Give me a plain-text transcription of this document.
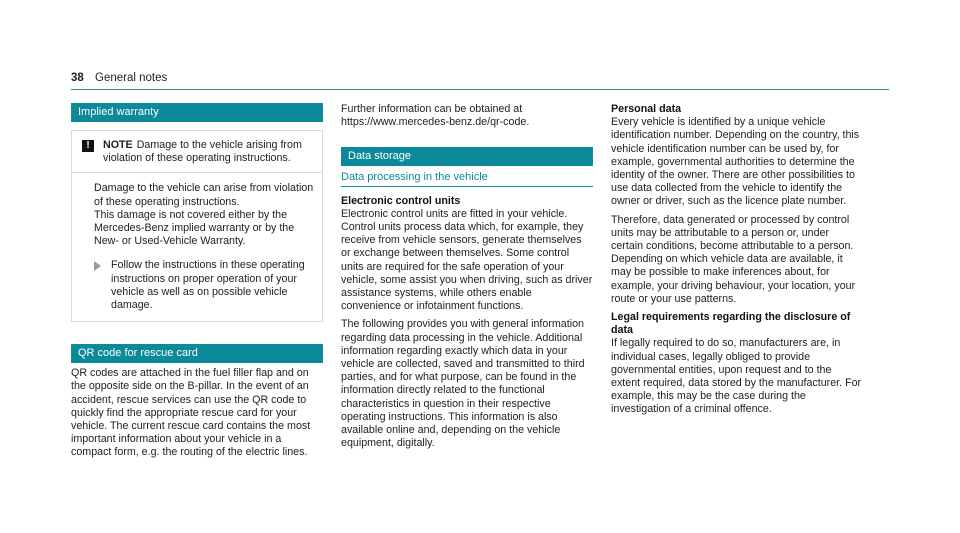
38 General notes
Implied warranty
!	NOTE Damage to the vehicle arising from violation of these operating instructions.

Damage to the vehicle can arise from violation of these operating instructions.

This damage is not covered either by the Mercedes-Benz implied warranty or by the New- or Used-Vehicle Warranty.

Follow the instructions in these operating instructions on proper operation of your vehicle as well as on possible vehicle damage.

QR code for rescue card

QR codes are attached in the fuel filler flap and on the opposite side on the B-pillar. In the event of an accident, rescue services can use the QR code to quickly find the appropriate rescue card for your vehicle. The current rescue card contains the most important information about your vehicle in a compact form, e.g. the routing of the electric lines.

Further information can be obtained at https://www.mercedes-benz.de/qr-code.

Data storage
Data processing in the vehicle

Electronic control units

Electronic control units are fitted in your vehicle. Control units process data which, for example, they receive from vehicle sensors, generate themselves or exchange between themselves. Some control units are required for the safe operation of your vehicle, some assist you when driving, such as driver assistance systems, while others enable convenience or infotainment functions.

The following provides you with general information regarding data processing in the vehicle. Additional information regarding exactly which data in your vehicle are collected, saved and transmitted to third parties, and for what purpose, can be found in the information directly related to the functional characteristics in question in their respective operating instructions. This information is also available online and, depending on the vehicle equipment, digitally.

Personal data

Every vehicle is identified by a unique vehicle identification number. Depending on the country, this vehicle identification number can be used by, for example, governmental authorities to determine the identity of the owner. There are other possibilities to use data collected from the vehicle to identify the owner or driver, such as the licence plate number.

Therefore, data generated or processed by control units may be attributable to a person or, under certain conditions, become attributable to a person. Depending on which vehicle data are available, it may be possible to make inferences about, for example, your driving behaviour, your location, your route or your use patterns.

Legal requirements regarding the disclosure of data

If legally required to do so, manufacturers are, in individual cases, legally obliged to provide governmental entities, upon request and to the extent required, data stored by the manufacturer. For example, this may be the case during the investigation of a criminal offence.
